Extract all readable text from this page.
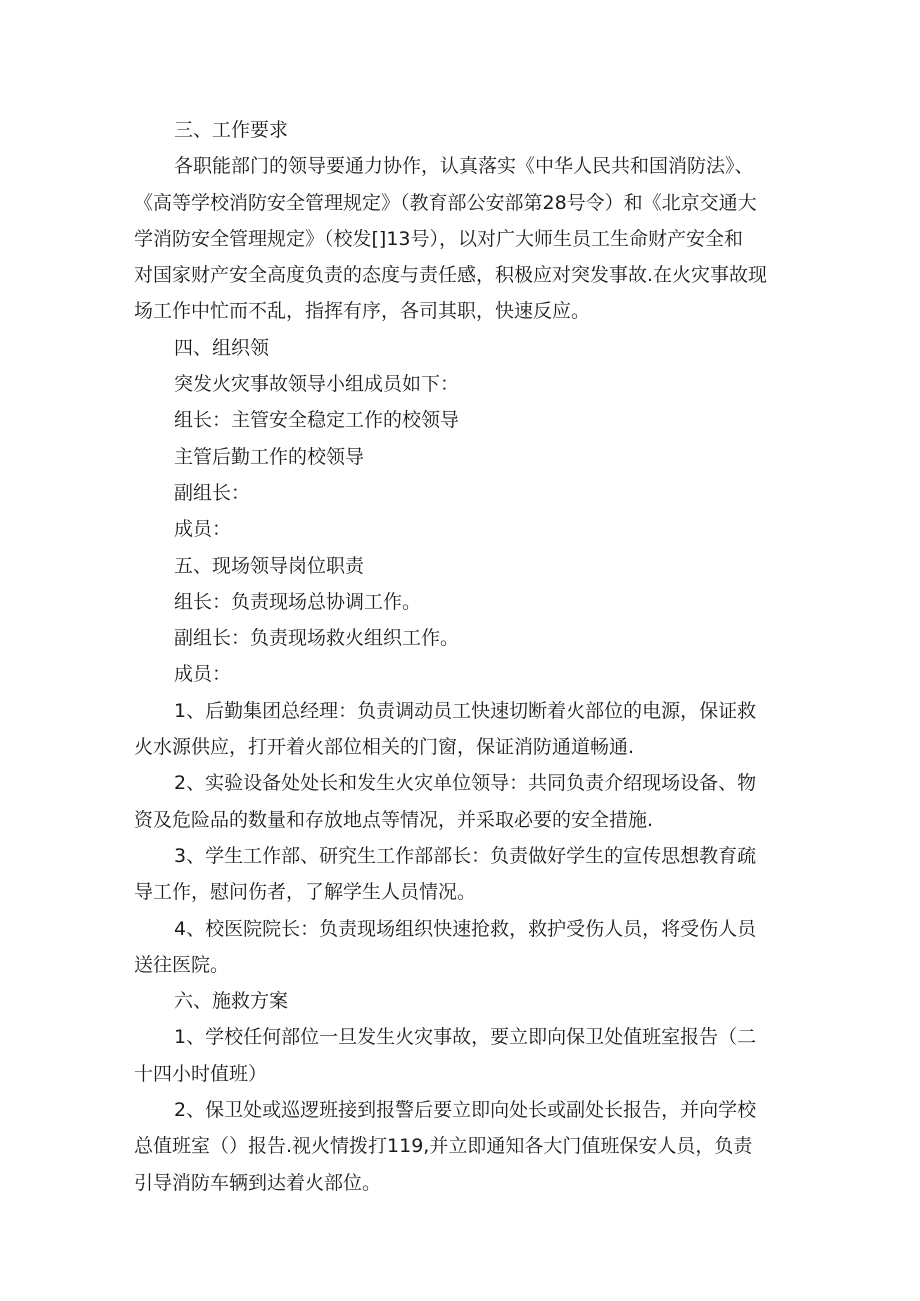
三、工作要求
各职能部门的领导要通力协作，认真落实《中华人民共和国消防法》、
《高等学校消防安全管理规定》（教育部公安部第28号令）和《北京交通大
学消防安全管理规定》（校发[]13号），以对广大师生员工生命财产安全和
对国家财产安全高度负责的态度与责任感，积极应对突发事故.在火灾事故现
场工作中忙而不乱，指挥有序，各司其职，快速反应。
四、组织领
突发火灾事故领导小组成员如下：
组长：主管安全稳定工作的校领导
主管后勤工作的校领导
副组长：
成员：
五、现场领导岗位职责
组长：负责现场总协调工作。
副组长：负责现场救火组织工作。
成员：
1、后勤集团总经理：负责调动员工快速切断着火部位的电源，保证救
火水源供应，打开着火部位相关的门窗，保证消防通道畅通.
2、实验设备处处长和发生火灾单位领导：共同负责介绍现场设备、物
资及危险品的数量和存放地点等情况，并采取必要的安全措施.
3、学生工作部、研究生工作部部长：负责做好学生的宣传思想教育疏
导工作，慰问伤者，了解学生人员情况。
4、校医院院长：负责现场组织快速抢救，救护受伤人员，将受伤人员
送往医院。
六、施救方案
1、学校任何部位一旦发生火灾事故，要立即向保卫处值班室报告（二
十四小时值班）
2、保卫处或巡逻班接到报警后要立即向处长或副处长报告，并向学校
总值班室（）报告.视火情拨打119,并立即通知各大门值班保安人员，负责
引导消防车辆到达着火部位。
